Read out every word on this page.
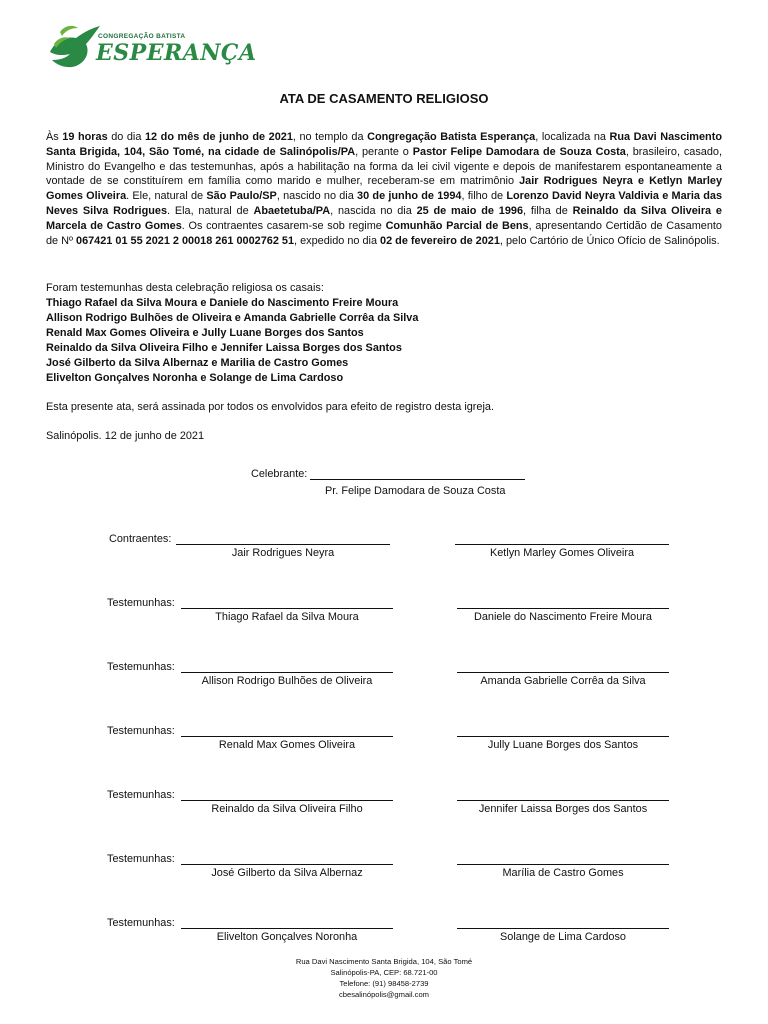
CONGREGAÇÃO BATISTA
ESPERANÇA
ATA DE CASAMENTO RELIGIOSO

Às 19 horas do dia 12 do mês de junho de 2021, no templo da Congregação Batista Esperança, localizada na Rua Davi Nascimento Santa Brigida, 104, São Tomé, na cidade de Salinópolis/PA, perante o Pastor Felipe Damodara de Souza Costa, brasileiro, casado, Ministro do Evangelho e das testemunhas, após a habilitação na forma da lei civil vigente e depois de manifestarem espontaneamente a vontade de se constituírem em família como marido e mulher, receberam-se em matrimônio Jair Rodrigues Neyra e Ketlyn Marley Gomes Oliveira. Ele, natural de São Paulo/SP, nascido no dia 30 de junho de 1994, filho de Lorenzo David Neyra Valdivia e Maria das Neves Silva Rodrigues. Ela, natural de Abaetetuba/PA, nascida no dia 25 de maio de 1996, filha de Reinaldo da Silva Oliveira e Marcela de Castro Gomes. Os contraentes casarem-se sob regime Comunhão Parcial de Bens, apresentando Certidão de Casamento de Nº 067421 01 55 2021 2 00018 261 0002762 51, expedido no dia 02 de fevereiro de 2021, pelo Cartório de Único Ofício de Salinópolis.

Foram testemunhas desta celebração religiosa os casais:
Thiago Rafael da Silva Moura e Daniele do Nascimento Freire Moura
Allison Rodrigo Bulhões de Oliveira e Amanda Gabrielle Corrêa da Silva
Renald Max Gomes Oliveira e Jully Luane Borges dos Santos
Reinaldo da Silva Oliveira Filho e Jennifer Laissa Borges dos Santos
José Gilberto da Silva Albernaz e Marilia de Castro Gomes
Elivelton Gonçalves Noronha e Solange de Lima Cardoso
Esta presente ata, será assinada por todos os envolvidos para efeito de registro desta igreja.
Salinópolis. 12 de junho de 2021
Celebrante:
Pr. Felipe Damodara de Souza Costa
Contraentes:
Jair Rodrigues Neyra	Ketlyn Marley Gomes Oliveira
Testemunhas:
Thiago Rafael da Silva Moura	Daniele do Nascimento Freire Moura
Testemunhas:
Allison Rodrigo Bulhões de Oliveira	Amanda Gabrielle Corrêa da Silva
Testemunhas:
Renald Max Gomes Oliveira	Jully Luane Borges dos Santos
Testemunhas:
Reinaldo da Silva Oliveira Filho	Jennifer Laissa Borges dos Santos
Testemunhas:
José Gilberto da Silva Albernaz	Marília de Castro Gomes
Testemunhas:
Elivelton Gonçalves Noronha	Solange de Lima Cardoso
Rua Davi Nascimento Santa Brigida, 104, São Tomé
Salinópolis-PA, CEP: 68.721-00
Telefone: (91) 98458-2739
cbesalinópolis@gmail.com
